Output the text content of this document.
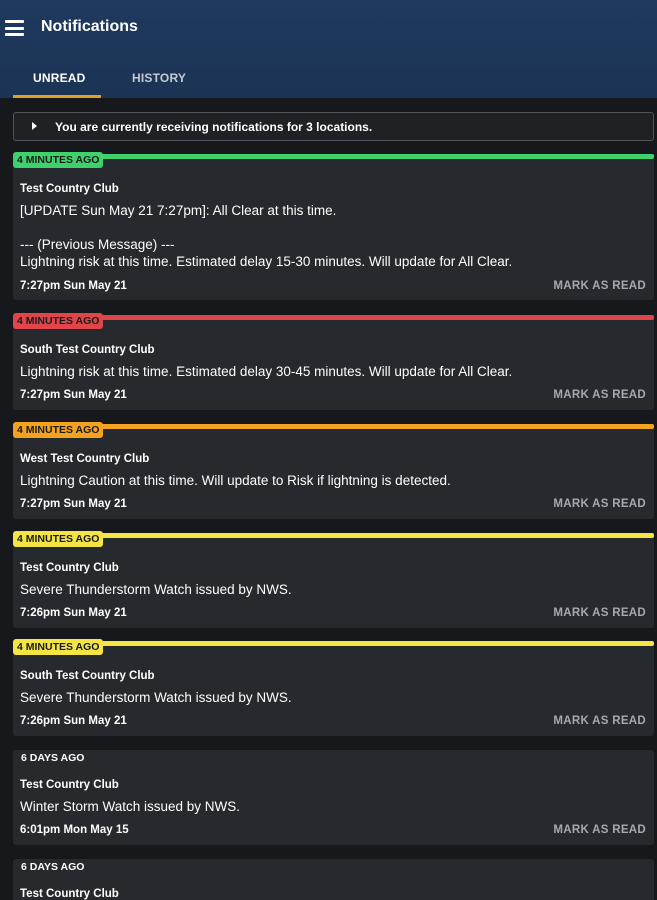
Notifications
UNREAD	HISTORY
You are currently receiving notifications for 3 locations.
4 MINUTES AGO
Test Country Club
[UPDATE Sun May 21 7:27pm]: All Clear at this time.

--- (Previous Message) ---
Lightning risk at this time. Estimated delay 15-30 minutes. Will update for All Clear.
7:27pm Sun May 21	MARK AS READ
4 MINUTES AGO
South Test Country Club
Lightning risk at this time. Estimated delay 30-45 minutes. Will update for All Clear.
7:27pm Sun May 21	MARK AS READ
4 MINUTES AGO
West Test Country Club
Lightning Caution at this time. Will update to Risk if lightning is detected.
7:27pm Sun May 21	MARK AS READ
4 MINUTES AGO
Test Country Club
Severe Thunderstorm Watch issued by NWS.
7:26pm Sun May 21	MARK AS READ
4 MINUTES AGO
South Test Country Club
Severe Thunderstorm Watch issued by NWS.
7:26pm Sun May 21	MARK AS READ
6 DAYS AGO
Test Country Club
Winter Storm Watch issued by NWS.
6:01pm Mon May 15	MARK AS READ
6 DAYS AGO
Test Country Club
